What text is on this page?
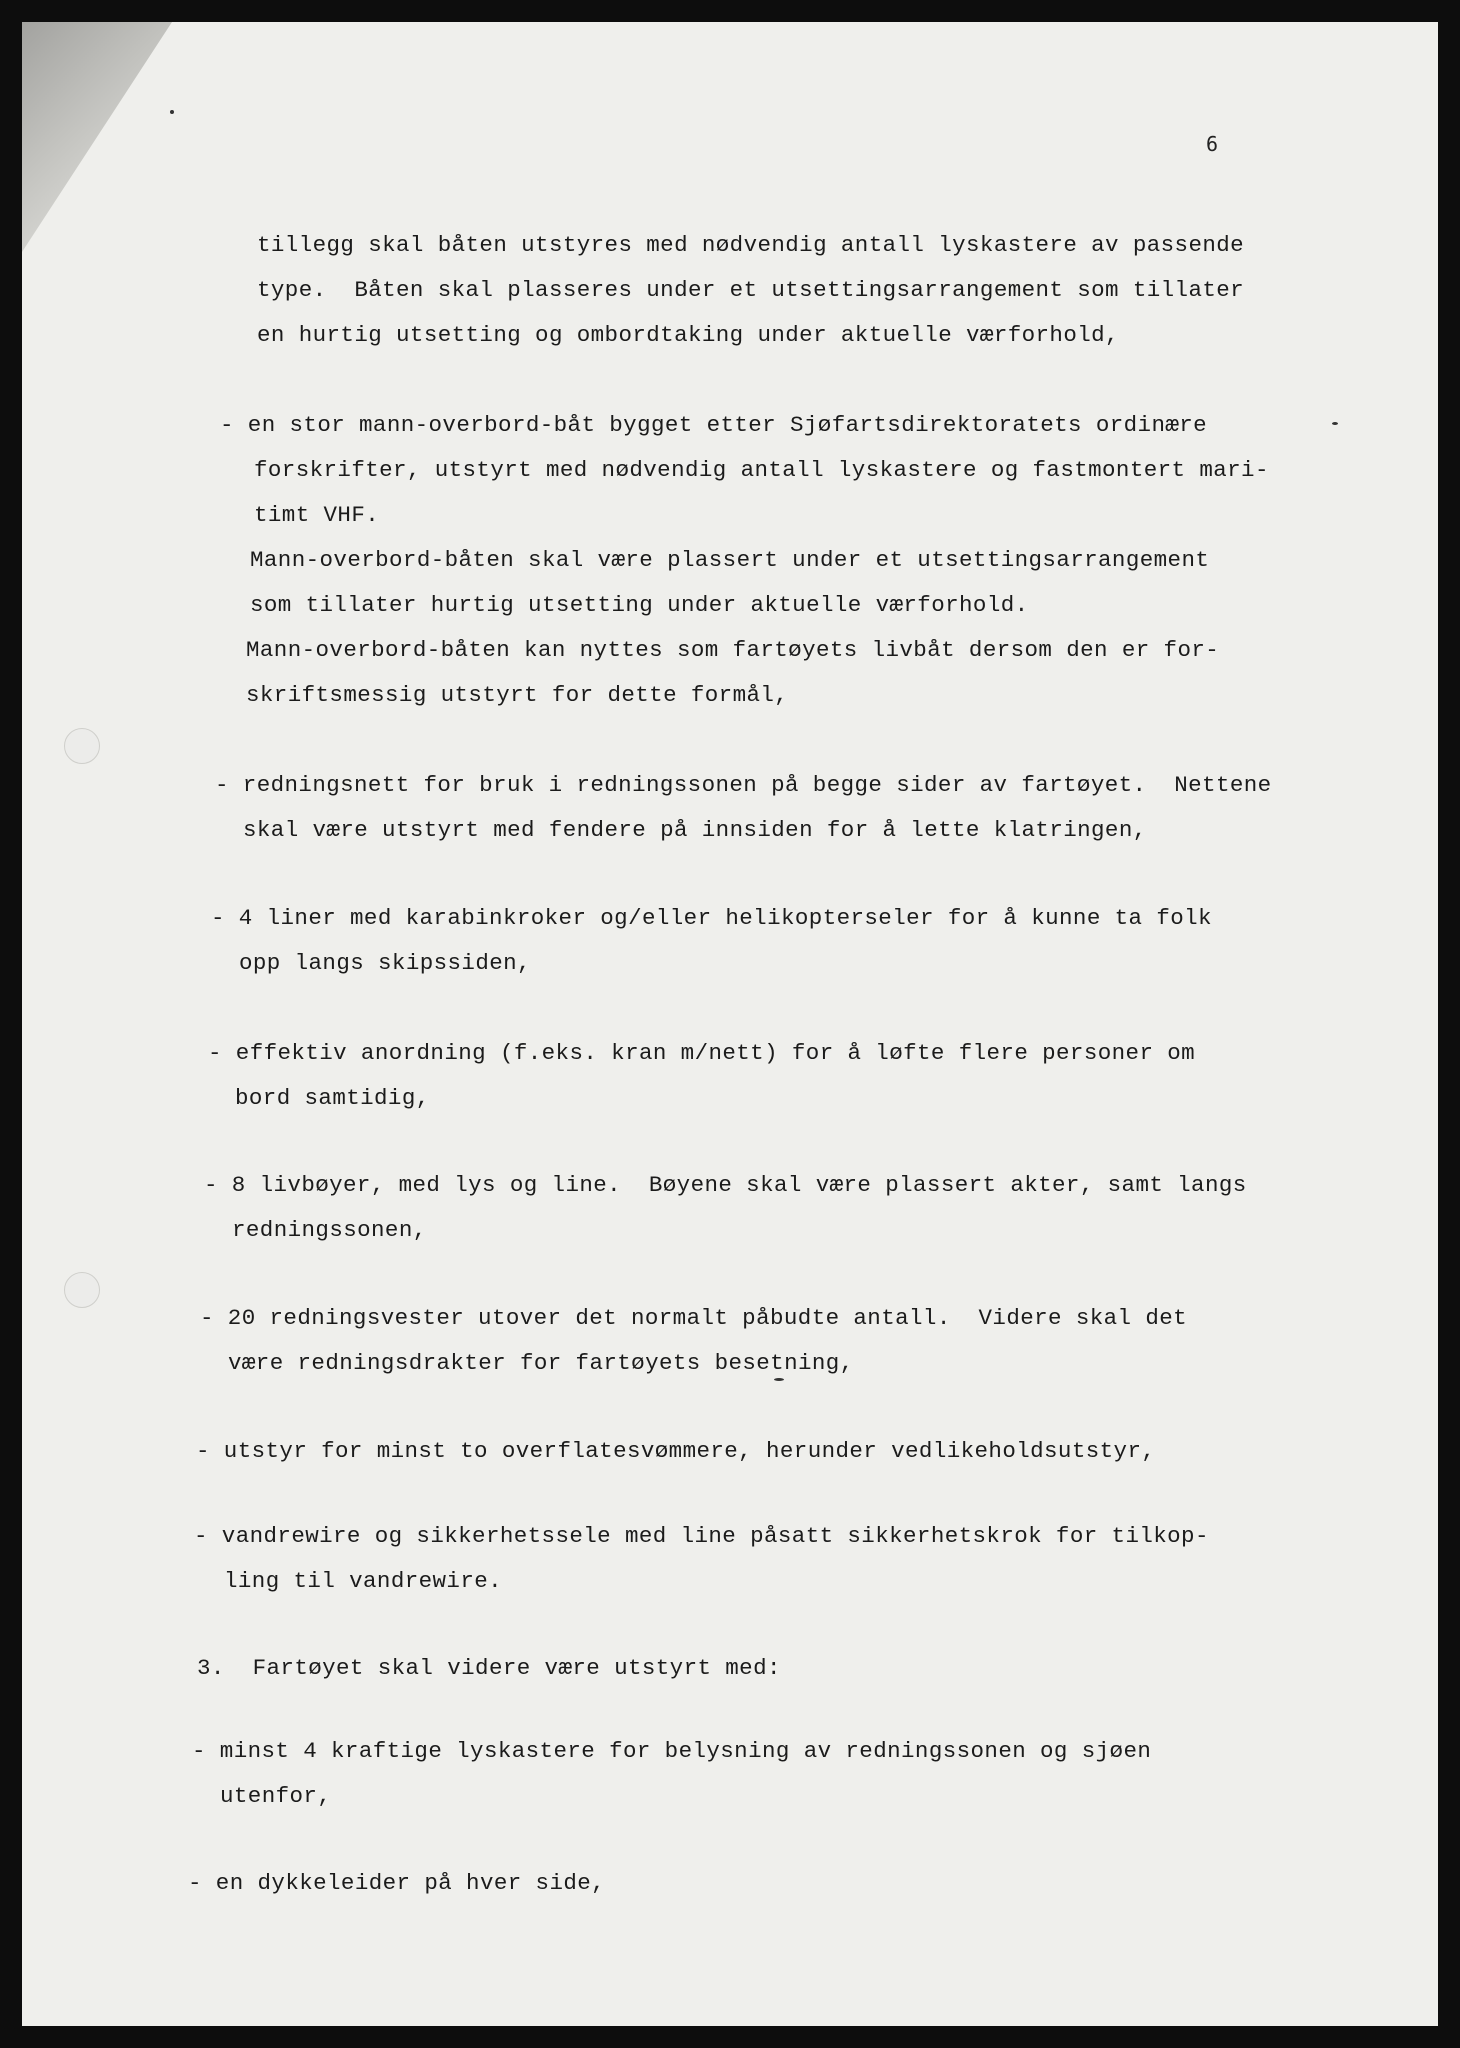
6
tillegg skal båten utstyres med nødvendig antall lyskastere av passende
type.  Båten skal plasseres under et utsettingsarrangement som tillater
en hurtig utsetting og ombordtaking under aktuelle værforhold,
- en stor mann-overbord-båt bygget etter Sjøfartsdirektoratets ordinære
forskrifter, utstyrt med nødvendig antall lyskastere og fastmontert mari-
timt VHF.
Mann-overbord-båten skal være plassert under et utsettingsarrangement
som tillater hurtig utsetting under aktuelle værforhold.
Mann-overbord-båten kan nyttes som fartøyets livbåt dersom den er for-
skriftsmessig utstyrt for dette formål,
- redningsnett for bruk i redningssonen på begge sider av fartøyet.  Nettene
skal være utstyrt med fendere på innsiden for å lette klatringen,
- 4 liner med karabinkroker og/eller helikopterseler for å kunne ta folk
opp langs skipssiden,
- effektiv anordning (f.eks. kran m/nett) for å løfte flere personer om
bord samtidig,
- 8 livbøyer, med lys og line.  Bøyene skal være plassert akter, samt langs
redningssonen,
- 20 redningsvester utover det normalt påbudte antall.  Videre skal det
være redningsdrakter for fartøyets besetning,
- utstyr for minst to overflatesvømmere, herunder vedlikeholdsutstyr,
- vandrewire og sikkerhetssele med line påsatt sikkerhetskrok for tilkop-
ling til vandrewire.
3.  Fartøyet skal videre være utstyrt med:
- minst 4 kraftige lyskastere for belysning av redningssonen og sjøen
utenfor,
- en dykkeleider på hver side,
